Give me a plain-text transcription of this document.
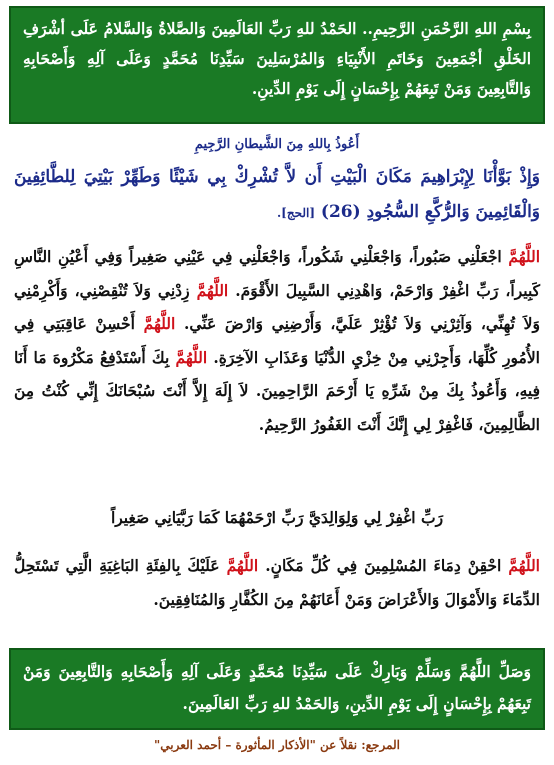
بِسْمِ اللهِ الرَّحْمَنِ الرَّحِيمِ.. الحَمْدُ للهِ رَبِّ العَالَمِينَ وَالصَّلاةُ وَالسَّلامُ عَلَى أشْرَفِ الخَلْقِ أجْمَعِينَ وَخَاتَمِ الأَنْبِيَاءِ وَالمُرْسَلِينَ سَيِّدِنَا مُحَمَّدٍ وَعَلَى آلِهِ وَأَصْحَابِهِ وَالتَّابِعِينَ وَمَنْ تَبِعَهُمْ بِإِحْسَانٍ إِلَى يَوْمِ الدِّينِ.
أَعُوذُ بِاللهِ مِنَ الشَّيطانِ الرَّجِيمِ
وَإِذْ بَوَّأْنَا لِإِبْرَاهِيمَ مَكَانَ الْبَيْتِ أَن لاَّ تُشْرِكْ بِي شَيْئًا وَطَهِّرْ بَيْتِيَ لِلطَّائِفِينَ وَالْقَائِمِينَ وَالرُّكَّعِ السُّجُودِ (26) [الحج].
اللَّهُمَّ اجْعَلْنِي صَبُوراً، وَاجْعَلْنِي شَكُوراً، وَاجْعَلْنِي فِي عَيْنِي صَغِيراً وَفِي أَعْيُنِ النَّاسِ كَبِيراً، رَبِّ اغْفِرْ وَارْحَمْ، وَاهْدِنِي السَّبِيلَ الأَقْوَمَ. اللَّهُمَّ زِدْنِي وَلاَ تُنْقِصْنِي، وَأَكْرِمْنِي وَلاَ تُهِنِّي، وَآثِرْنِي وَلاَ تُؤْثِرْ عَلَيَّ، وَأَرْضِنِي وَارْضَ عَنِّي. اللَّهُمَّ أَحْسِنْ عَاقِبَتِي فِي الأُمُورِ كُلِّهَا، وَأَجِرْنِي مِنْ خِزْيِ الدُّنْيَا وَعَذَابِ الآخِرَةِ. اللَّهُمَّ بِكَ أَسْتَدْفِعُ مَكْرُوهَ مَا أَنَا فِيهِ، وَأَعُوذُ بِكَ مِنْ شَرِّهِ يَا أَرْحَمَ الرَّاحِمِينَ. لاَ إِلَهَ إِلاَّ أَنْتَ سُبْحَانَكَ إِنِّي كُنْتُ مِنَ الظَّالِمِينَ، فَاغْفِرْ لِي إِنَّكَ أَنْتَ الغَفُورُ الرَّحِيمُ.
رَبِّ اغْفِرْ لِي وَلِوَالِدَيَّ رَبِّ ارْحَمْهُمَا كَمَا رَبَّيَانِي صَغِيراً
اللَّهُمَّ احْقِنْ دِمَاءَ المُسْلِمِينَ فِي كُلِّ مَكَانٍ. اللَّهُمَّ عَلَيْكَ بِالفِئَةِ البَاغِيَةِ الَّتِي تَسْتَحِلُّ الدِّمَاءَ وَالأَمْوَالَ وَالأَعْرَاضَ وَمَنْ أَعَانَهُمْ مِنَ الكُفَّارِ وَالمُنَافِقِينَ.
وَصَلِّ اللَّهُمَّ وَسَلِّمْ وَبَارِكْ عَلَى سَيِّدِنَا مُحَمَّدٍ وَعَلَى آلِهِ وَأَصْحَابِهِ وَالتَّابِعِينَ وَمَنْ تَبِعَهُمْ بِإِحْسَانٍ إِلَى يَوْمِ الدِّينِ، وَالحَمْدُ للهِ رَبِّ العَالَمِينَ.
المرجع: نقلاً عن "الأذكار المأثورة – أحمد العربي"
